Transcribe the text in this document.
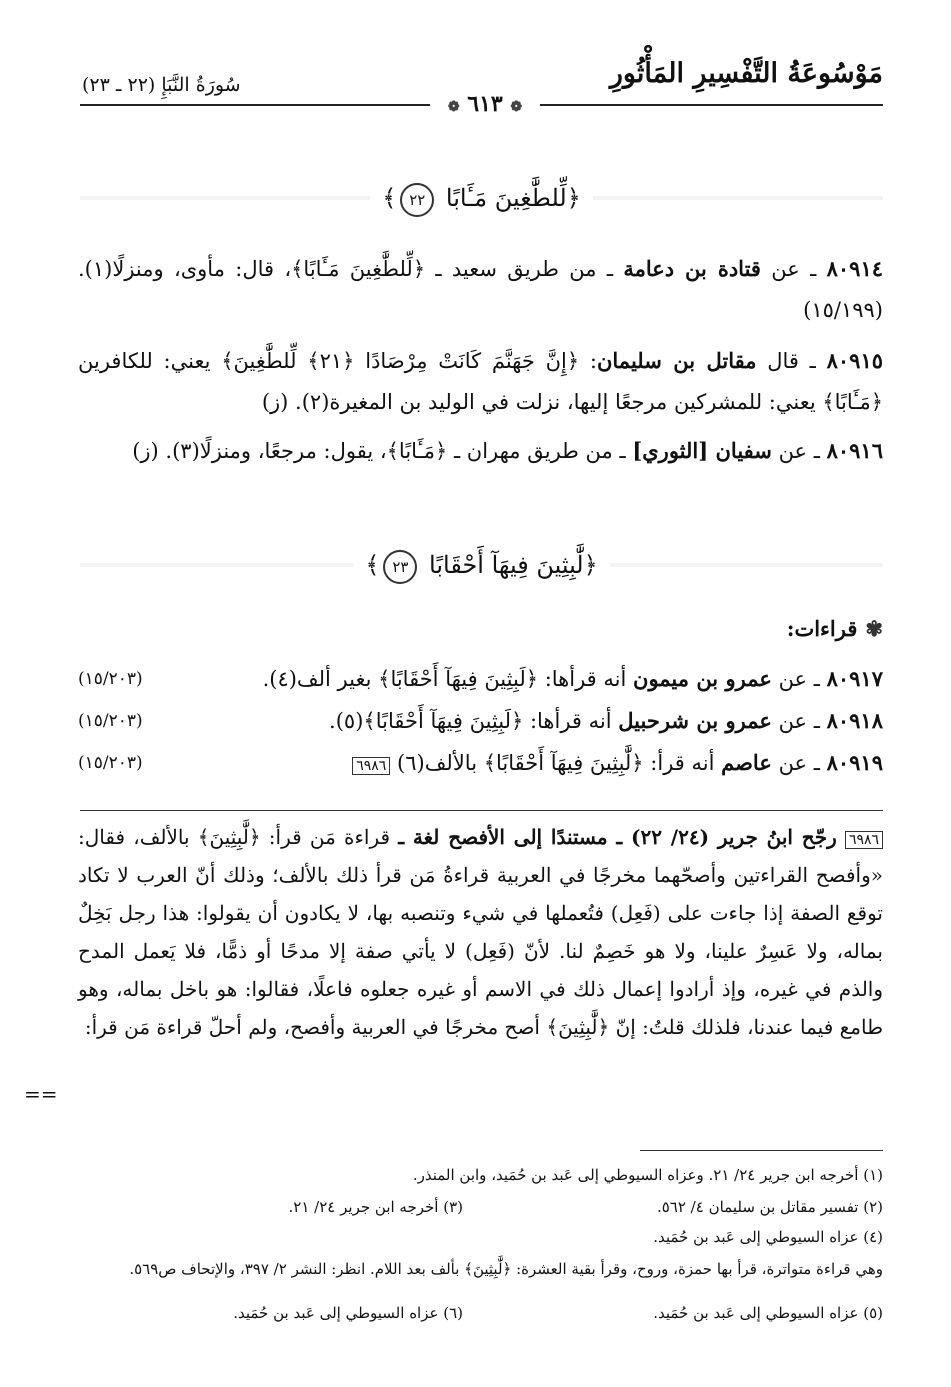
مَوْسُوعَةُ التَّفْسِيرِ المَأْثُورِ
سُورَةُ النَّبَإِ (٢٢ ـ ٢٣)
❁ ٦١٣ ❁
﴿لِّلطَّٰغِينَ مَـَٔابًا ٢٢﴾
٨٠٩١٤ ـ عن قتادة بن دعامة ـ من طريق سعيد ـ ﴿لِّلطَّٰغِينَ مَـَٔابًا﴾، قال: مأوى، ومنزلًا(١). (١٥/١٩٩)
٨٠٩١٥ ـ قال مقاتل بن سليمان: ﴿إِنَّ جَهَنَّمَ كَانَتْ مِرْصَادًا ﴿٢١﴾ لِّلطَّٰغِينَ﴾ يعني: للكافرين ﴿مَـَٔابًا﴾ يعني: للمشركين مرجعًا إليها، نزلت في الوليد بن المغيرة(٢). (ز)
٨٠٩١٦ ـ عن سفيان [الثوري] ـ من طريق مهران ـ ﴿مَـَٔابًا﴾، يقول: مرجعًا، ومنزلًا(٣). (ز)
﴿لَّٰبِثِينَ فِيهَآ أَحْقَابًا ٢٣﴾
✾قراءات:
٨٠٩١٧ ـ عن عمرو بن ميمون أنه قرأها: ﴿لَبِثِينَ فِيهَآ أَحْقَابًا﴾ بغير ألف(٤).
(١٥/٢٠٣)
٨٠٩١٨ ـ عن عمرو بن شرحبيل أنه قرأها: ﴿لَبِثِينَ فِيهَآ أَحْقَابًا﴾(٥).
(١٥/٢٠٣)
٨٠٩١٩ ـ عن عاصم أنه قرأ: ﴿لَّٰبِثِينَ فِيهَآ أَحْقَابًا﴾ بالألف(٦) ٦٩٨٦
(١٥/٢٠٣)
٦٩٨٦ رجّح ابنُ جرير (٢٤/ ٢٢) ـ مستندًا إلى الأفصح لغة ـ قراءة مَن قرأ: ﴿لَّٰبِثِينَ﴾ بالألف، فقال: «وأفصح القراءتين وأصحّهما مخرجًا في العربية قراءةُ مَن قرأ ذلك بالألف؛ وذلك أنّ العرب لا تكاد توقع الصفة إذا جاءت على (فَعِل) فتُعملها في شيء وتنصبه بها، لا يكادون أن يقولوا: هذا رجل بَخِلٌ بماله، ولا عَسِرٌ علينا، ولا هو خَصِمٌ لنا. لأنّ (فَعِل) لا يأتي صفة إلا مدحًا أو ذمًّا، فلا يَعمل المدح والذم في غيره، وإذ أرادوا إعمال ذلك في الاسم أو غيره جعلوه فاعلًا، فقالوا: هو باخل بماله، وهو طامع فيما عندنا، فلذلك قلتُ: إنّ ﴿لَّٰبِثِينَ﴾ أصح مخرجًا في العربية وأفصح، ولم أحلّ قراءة مَن قرأ:
==
(١) أخرجه ابن جرير ٢٤/ ٢١. وعزاه السيوطي إلى عَبد بن حُمَيد، وابن المنذر.
(٢) تفسير مقاتل بن سليمان ٤/ ٥٦٢.
(٣) أخرجه ابن جرير ٢٤/ ٢١.
(٤) عزاه السيوطي إلى عَبد بن حُمَيد.
وهي قراءة متواترة، قرأ بها حمزة، وروح، وقرأ بقية العشرة: ﴿لَّٰبِثِينَ﴾ بألف بعد اللام. انظر: النشر ٢/ ٣٩٧، والإتحاف ص٥٦٩.
(٥) عزاه السيوطي إلى عَبد بن حُمَيد.
(٦) عزاه السيوطي إلى عَبد بن حُمَيد.
